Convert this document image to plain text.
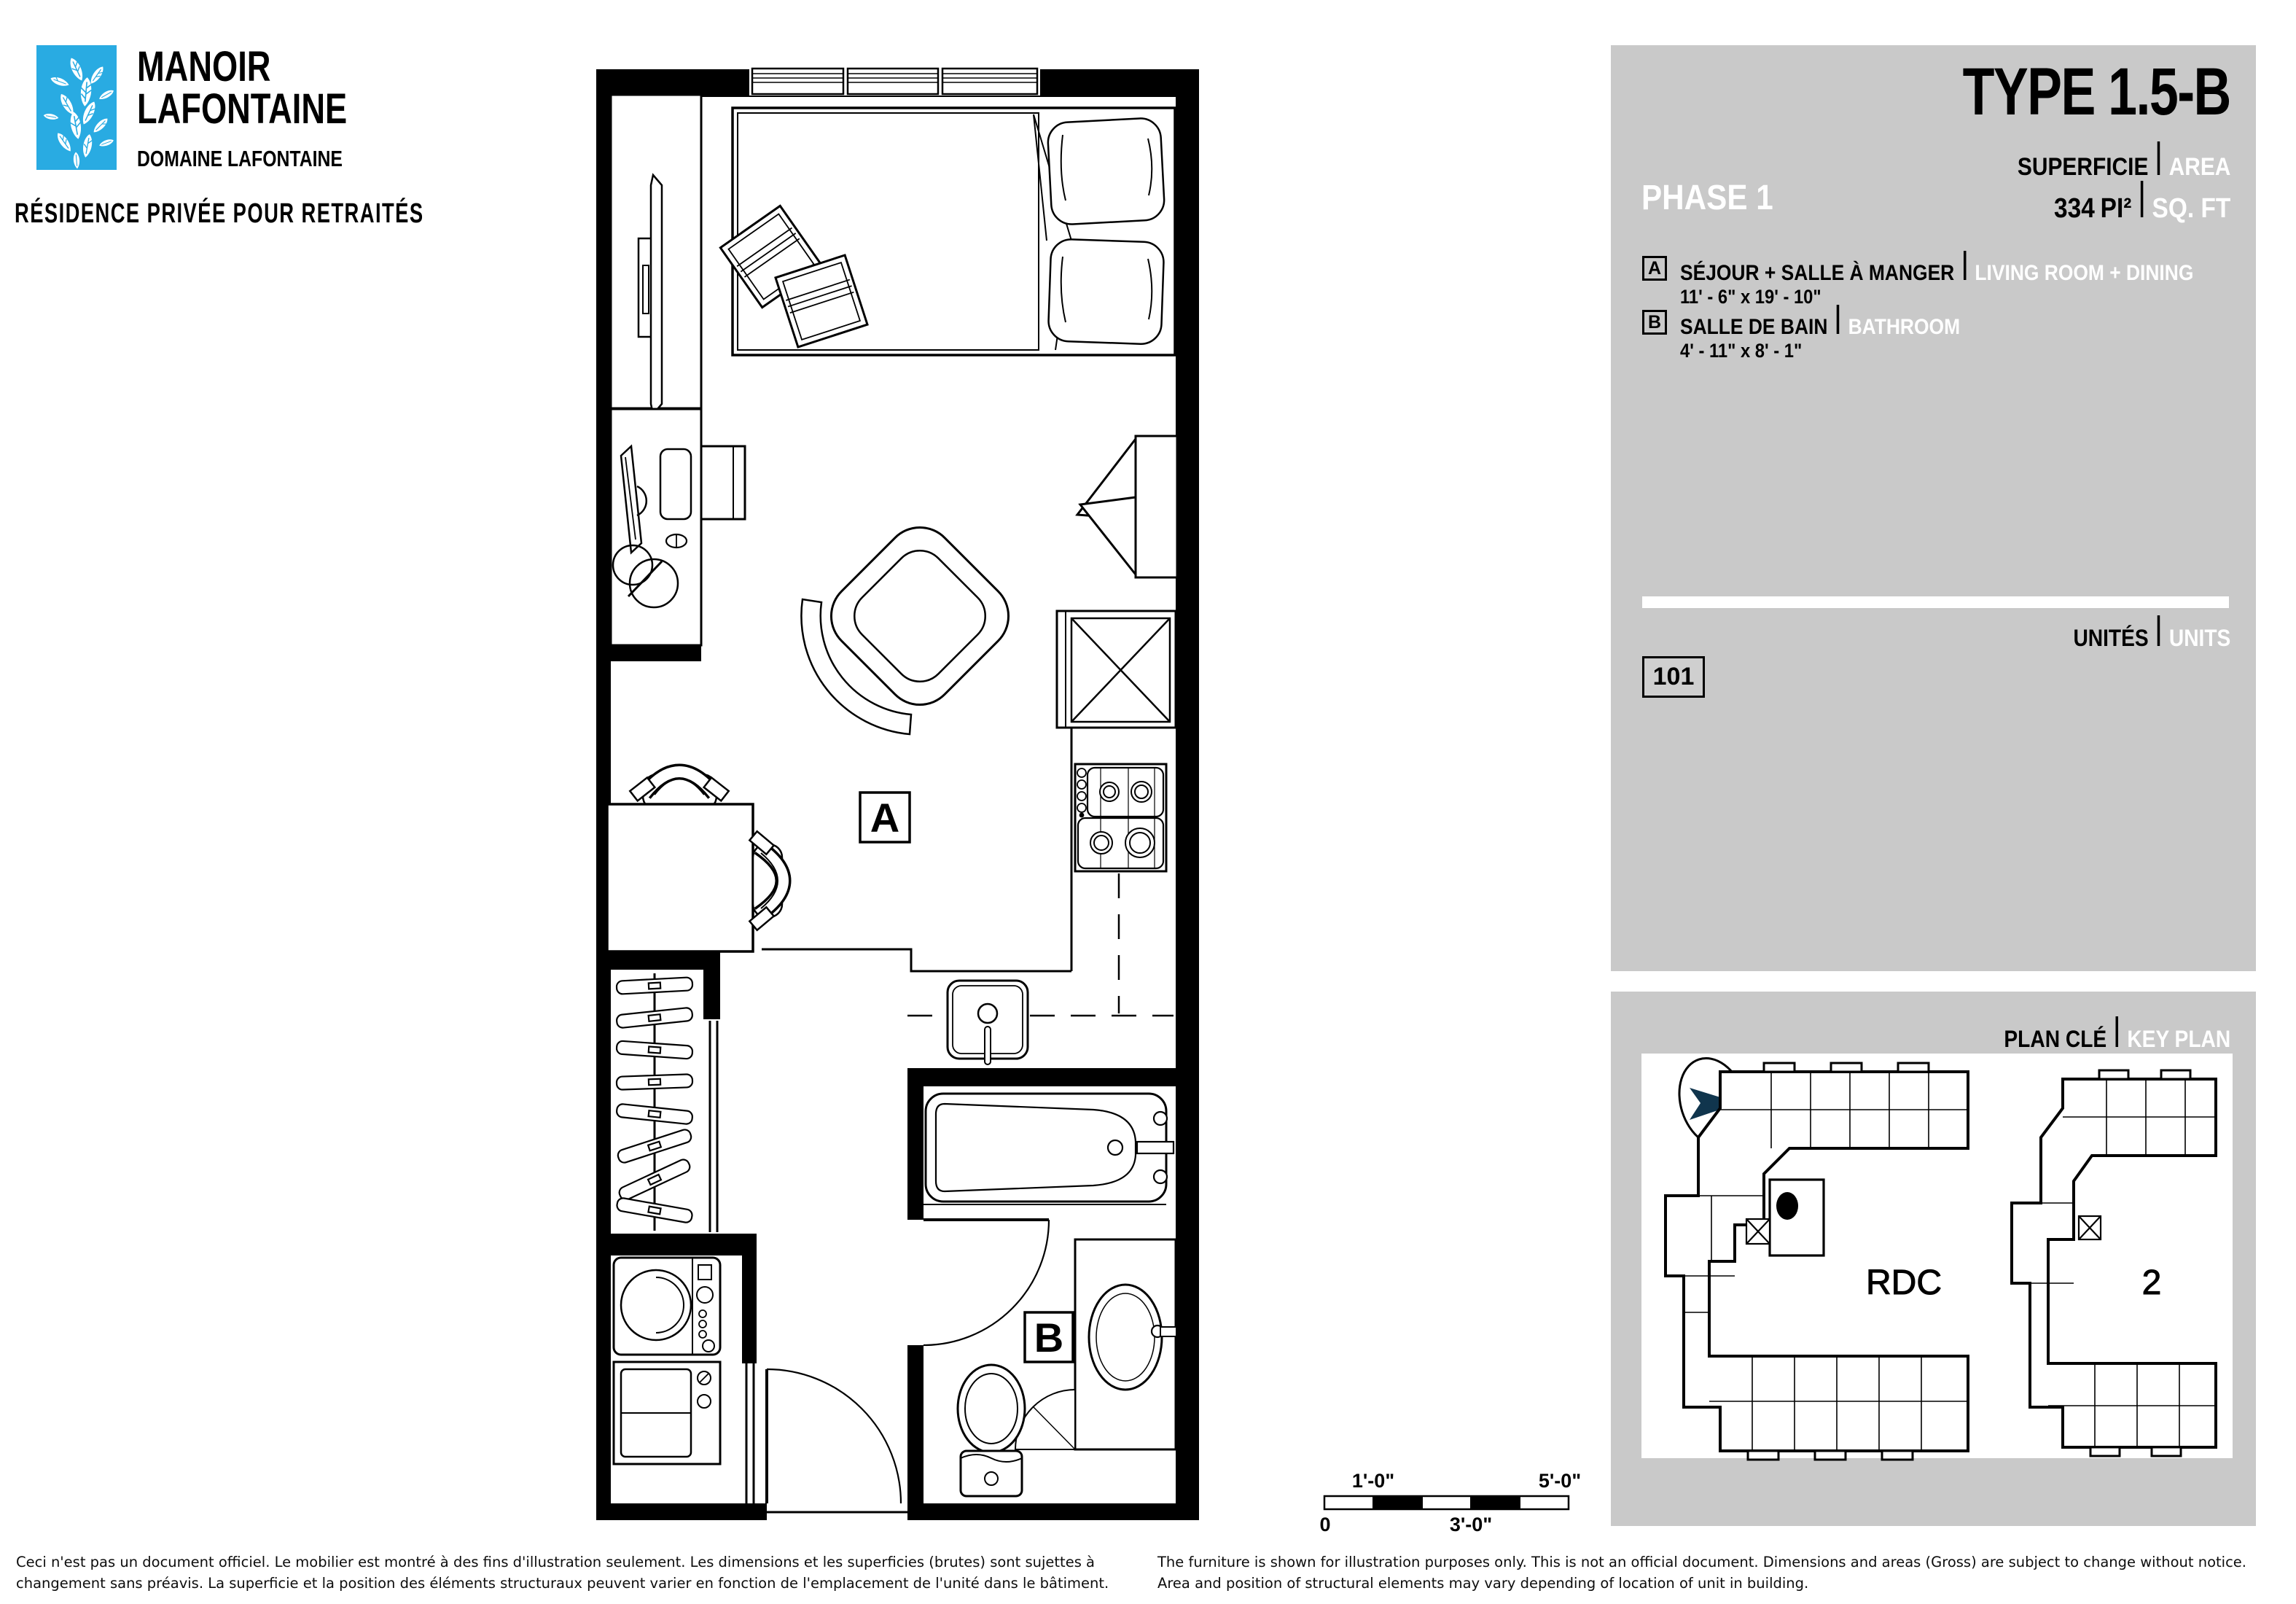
TYPE 1.5-B
SUPERFICIE AREA
PHASE 1	334 PI² SQ. FT
A SÉJOUR + SALLE À MANGER LIVING ROOM + DINING
11' - 6" x 19' - 10"
B SALLE DE BAIN BATHROOM
4' - 11" x 8' - 1"
UNITÉS UNITS
101
PLAN CLÉ KEY PLAN
MANOIR
LAFONTAINE
DOMAINE LAFONTAINE
RÉSIDENCE PRIVÉE POUR RETRAITÉS
A
B
1'-0"	5'-0"
0	3'-0"
RDC	2
Ceci n'est pas un document officiel. Le mobilier est montré à des fins d'illustration seulement. Les dimensions et les superficies (brutes) sont sujettes à
changement sans préavis. La superficie et la position des éléments structuraux peuvent varier en fonction de l'emplacement de l'unité dans le bâtiment.
The furniture is shown for illustration purposes only. This is not an official document. Dimensions and areas (Gross) are subject to change without notice.
Area and position of structural elements may vary depending of location of unit in building.
